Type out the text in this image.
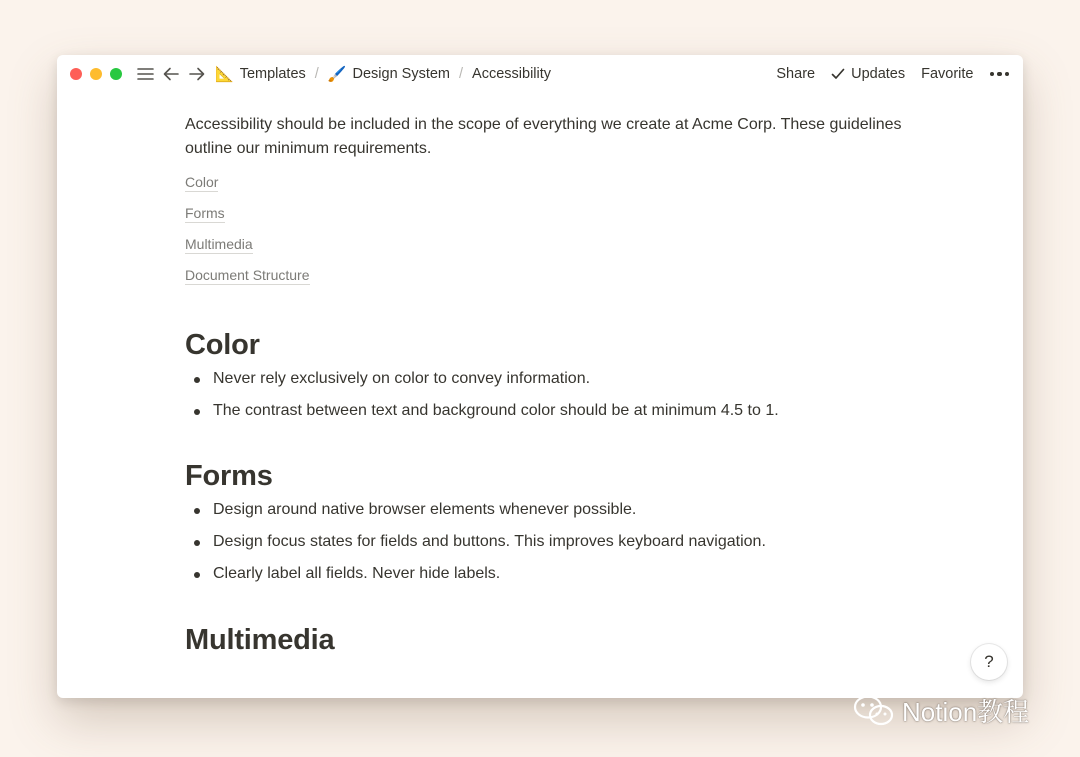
📐 Templates / 🖌️ Design System / Accessibility	Share Updates Favorite

Accessibility should be included in the scope of everything we create at Acme Corp. These guidelines outline our minimum requirements.

Color
Forms
Multimedia
Document Structure
Color
Never rely exclusively on color to convey information.
The contrast between text and background color should be at minimum 4.5 to 1.
Forms
Design around native browser elements whenever possible.
Design focus states for fields and buttons. This improves keyboard navigation.
Clearly label all fields. Never hide labels.
Multimedia
?
Notion教程
